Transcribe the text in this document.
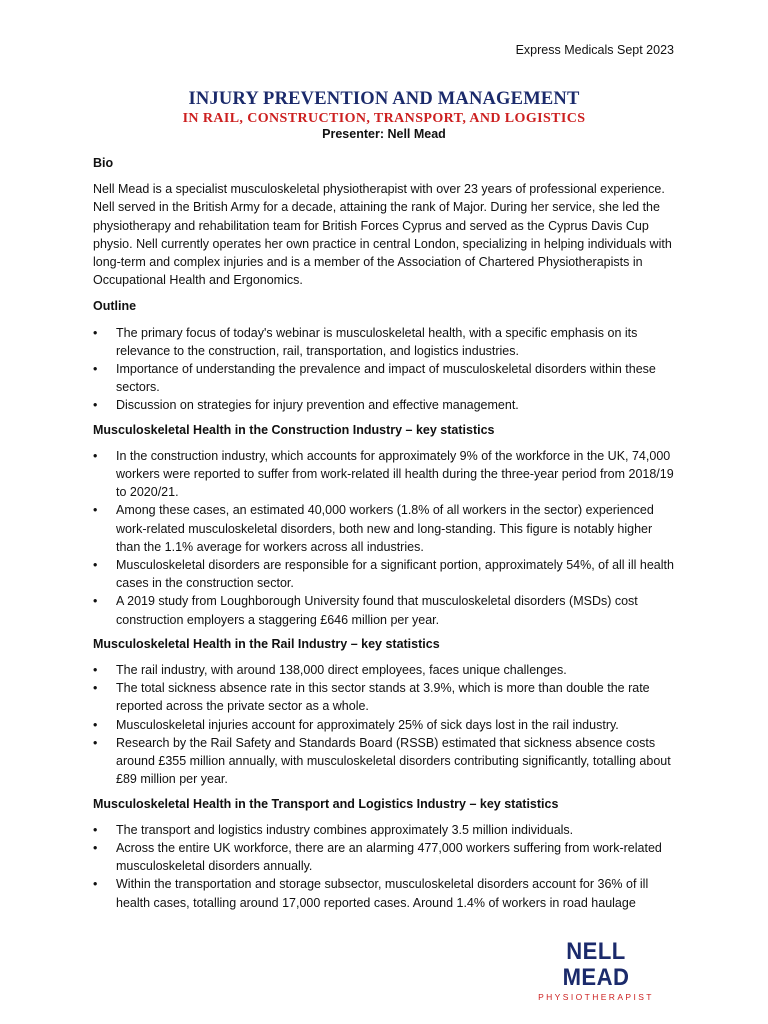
Express Medicals Sept 2023
INJURY PREVENTION AND MANAGEMENT
IN RAIL, CONSTRUCTION, TRANSPORT, AND LOGISTICS
Presenter: Nell Mead
Bio
Nell Mead is a specialist musculoskeletal physiotherapist with over 23 years of professional experience. Nell served in the British Army for a decade, attaining the rank of Major. During her service, she led the physiotherapy and rehabilitation team for British Forces Cyprus and served as the Cyprus Davis Cup physio. Nell currently operates her own practice in central London, specializing in helping individuals with long-term and complex injuries and is a member of the Association of Chartered Physiotherapists in Occupational Health and Ergonomics.
Outline
• The primary focus of today's webinar is musculoskeletal health, with a specific emphasis on its relevance to the construction, rail, transportation, and logistics industries.
• Importance of understanding the prevalence and impact of musculoskeletal disorders within these sectors.
• Discussion on strategies for injury prevention and effective management.
Musculoskeletal Health in the Construction Industry – key statistics
• In the construction industry, which accounts for approximately 9% of the workforce in the UK, 74,000 workers were reported to suffer from work-related ill health during the three-year period from 2018/19 to 2020/21.
• Among these cases, an estimated 40,000 workers (1.8% of all workers in the sector) experienced work-related musculoskeletal disorders, both new and long-standing. This figure is notably higher than the 1.1% average for workers across all industries.
• Musculoskeletal disorders are responsible for a significant portion, approximately 54%, of all ill health cases in the construction sector.
• A 2019 study from Loughborough University found that musculoskeletal disorders (MSDs) cost construction employers a staggering £646 million per year.
Musculoskeletal Health in the Rail Industry – key statistics
• The rail industry, with around 138,000 direct employees, faces unique challenges.
• The total sickness absence rate in this sector stands at 3.9%, which is more than double the rate reported across the private sector as a whole.
• Musculoskeletal injuries account for approximately 25% of sick days lost in the rail industry.
• Research by the Rail Safety and Standards Board (RSSB) estimated that sickness absence costs around £355 million annually, with musculoskeletal disorders contributing significantly, totalling about £89 million per year.
Musculoskeletal Health in the Transport and Logistics Industry – key statistics
• The transport and logistics industry combines approximately 3.5 million individuals.
• Across the entire UK workforce, there are an alarming 477,000 workers suffering from work-related musculoskeletal disorders annually.
• Within the transportation and storage subsector, musculoskeletal disorders account for 36% of ill health cases, totalling around 17,000 reported cases. Around 1.4% of workers in road haulage
NELL MEAD
PHYSIOTHERAPIST
